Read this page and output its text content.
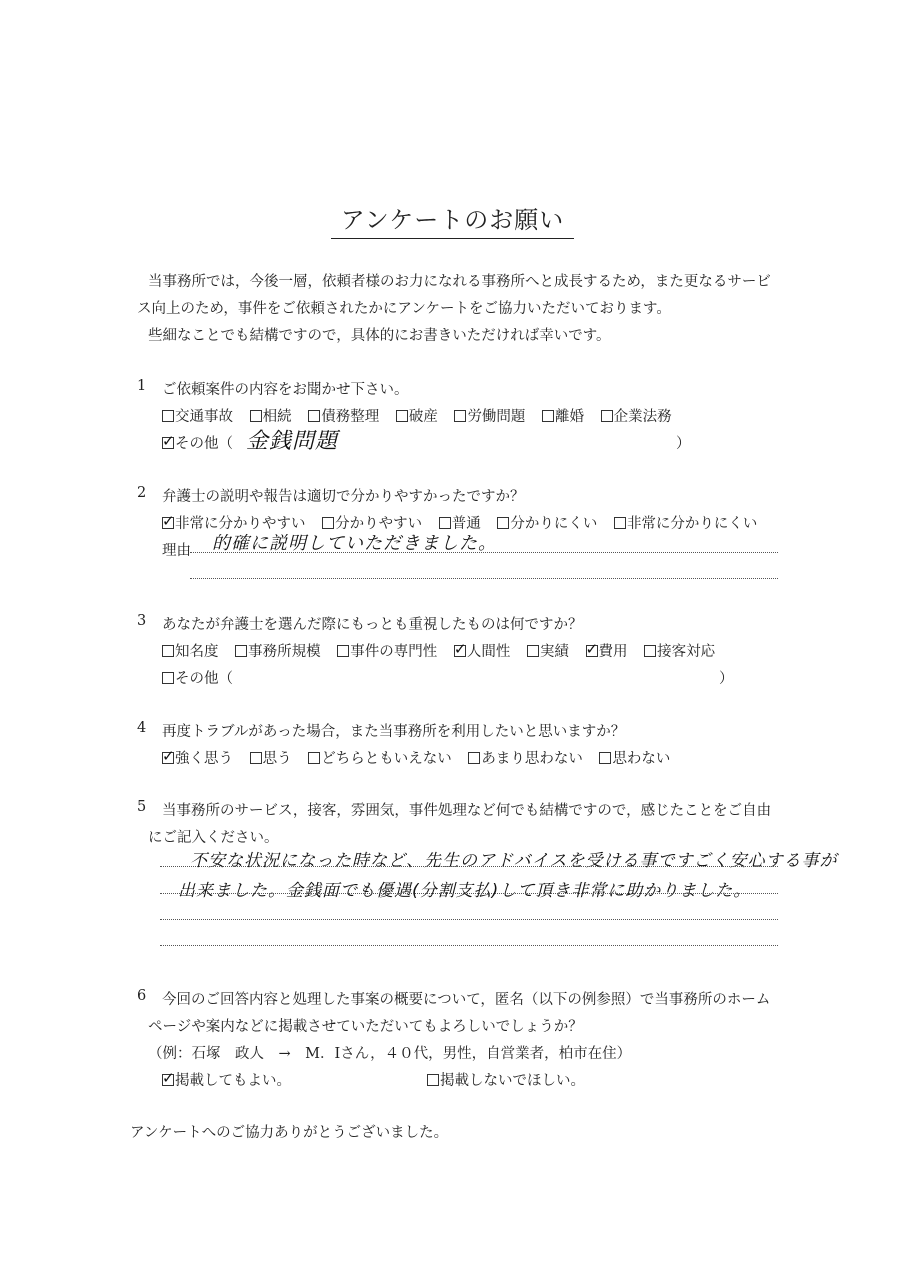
アンケートのお願い
当事務所では，今後一層，依頼者様のお力になれる事務所へと成長するため，また更なるサービ
ス向上のため，事件をご依頼されたかにアンケートをご協力いただいております。
些細なことでも結構ですので，具体的にお書きいただければ幸いです。
1 ご依頼案件の内容をお聞かせ下さい。
交通事故 相続 債務整理 破産 労働問題 離婚 企業法務
✓その他（ 金銭問題	）
2 弁護士の説明や報告は適切で分かりやすかったですか？
✓非常に分かりやすい 分かりやすい 普通 分かりにくい 非常に分かりにくい
理由 的確に説明していただきました。
3 あなたが弁護士を選んだ際にもっとも重視したものは何ですか？
知名度 事務所規模 事件の専門性 ✓ 人間性 実績 ✓ 費用 接客対応
その他（	）
4 再度トラブルがあった場合，また当事務所を利用したいと思いますか？
✓強く思う 思う どちらともいえない あまり思わない 思わない
5 当事務所のサービス，接客，雰囲気，事件処理など何でも結構ですので，感じたことをご自由
にご記入ください。
不安な状況になった時など、先生のアドバイスを受ける事ですごく安心する事が
出来ました。金銭面でも優遇(分割支払)して頂き非常に助かりました。
6 今回のご回答内容と処理した事案の概要について，匿名（以下の例参照）で当事務所のホーム
ページや案内などに掲載させていただいてもよろしいでしょうか？
（例：石塚　政人　→　M．Iさん，４０代，男性，自営業者，柏市在住）
✓掲載してもよい。	掲載しないでほしい。
アンケートへのご協力ありがとうございました。
